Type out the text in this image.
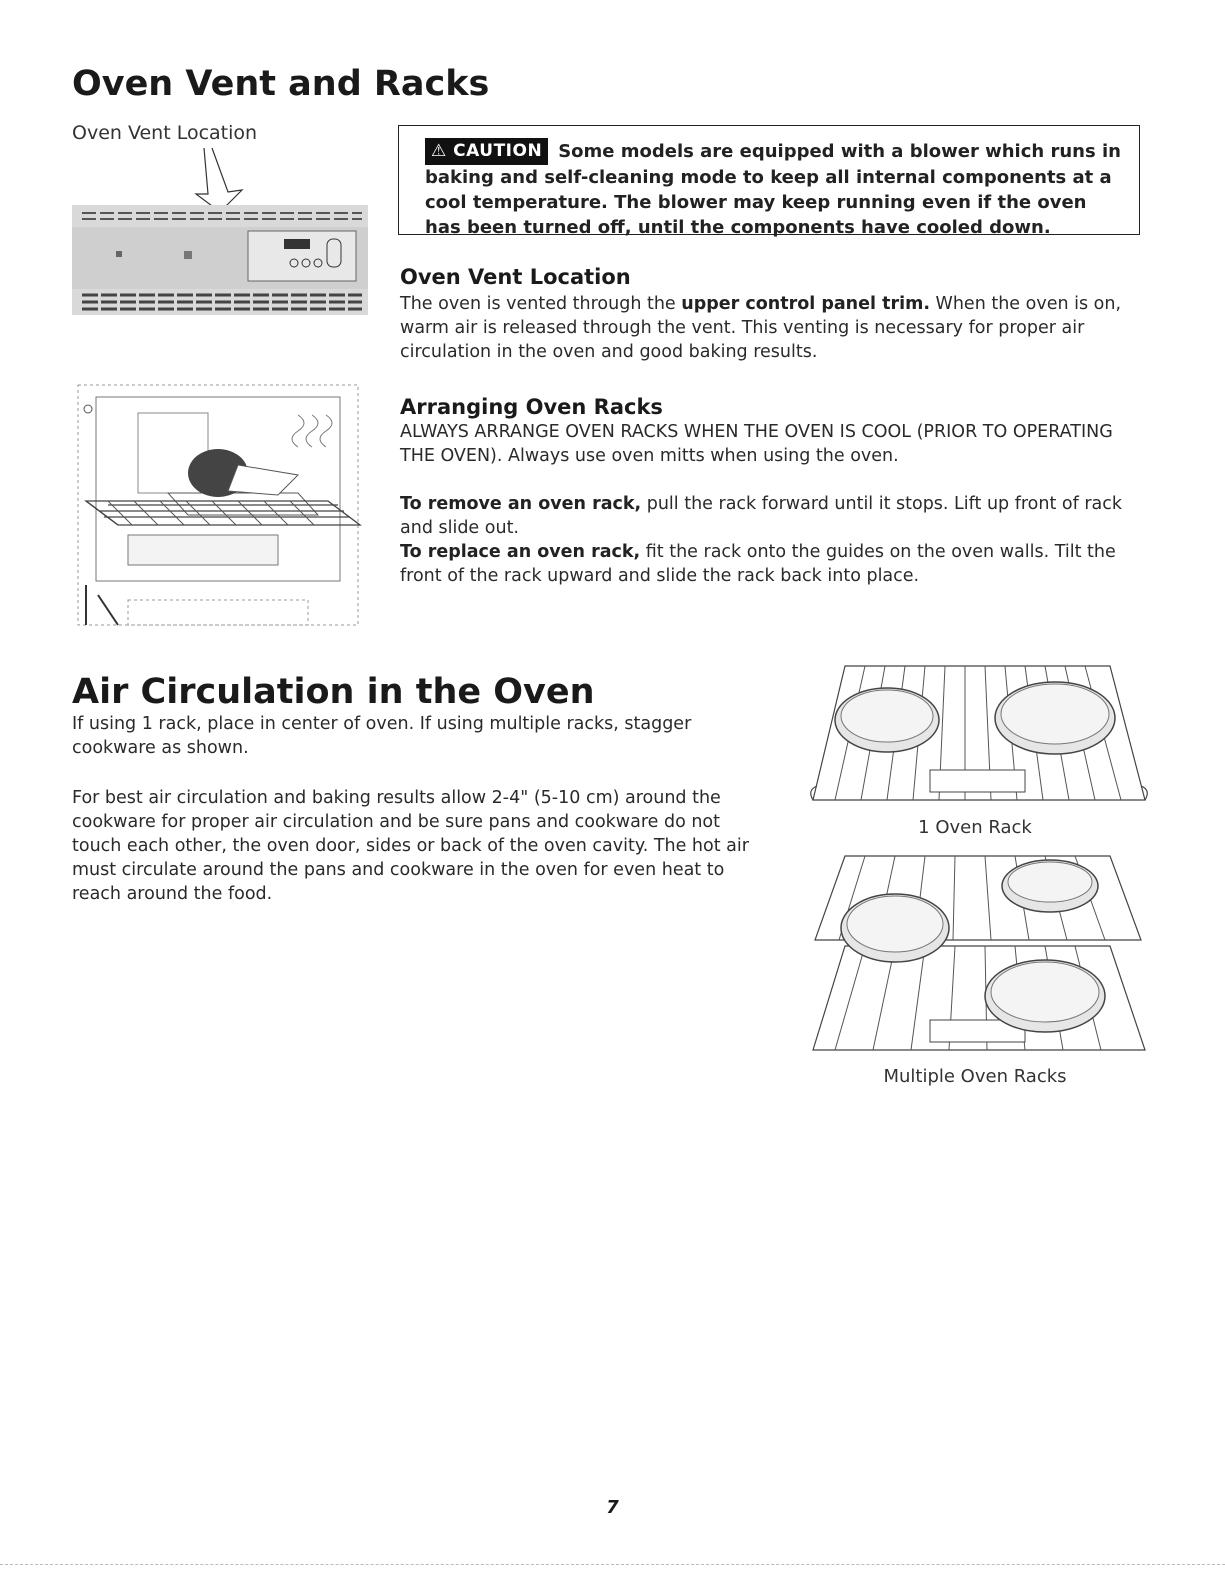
Oven Vent and Racks
Oven Vent Location
⚠ CAUTION Some models are equipped with a blower which runs in baking and self-cleaning mode to keep all internal components at a cool temperature. The blower may keep running even if the oven has been turned off, until the components have cooled down.
Oven Vent Location
The oven is vented through the upper control panel trim. When the oven is on, warm air is released through the vent. This venting is necessary for proper air circulation in the oven and good baking results.
Arranging Oven Racks
ALWAYS ARRANGE OVEN RACKS WHEN THE OVEN IS COOL (PRIOR TO OPERATING THE OVEN). Always use oven mitts when using the oven.
To remove an oven rack, pull the rack forward until it stops. Lift up front of rack and slide out.
To replace an oven rack, fit the rack onto the guides on the oven walls. Tilt the front of the rack upward and slide the rack back into place.
Air Circulation in the Oven
If using 1 rack, place in center of oven. If using multiple racks, stagger cookware as shown.
For best air circulation and baking results allow 2-4" (5-10 cm) around the cookware for proper air circulation and be sure pans and cookware do not touch each other, the oven door, sides or back of the oven cavity. The hot air must circulate around the pans and cookware in the oven for even heat to reach around the food.
1 Oven Rack
Multiple Oven Racks
7
